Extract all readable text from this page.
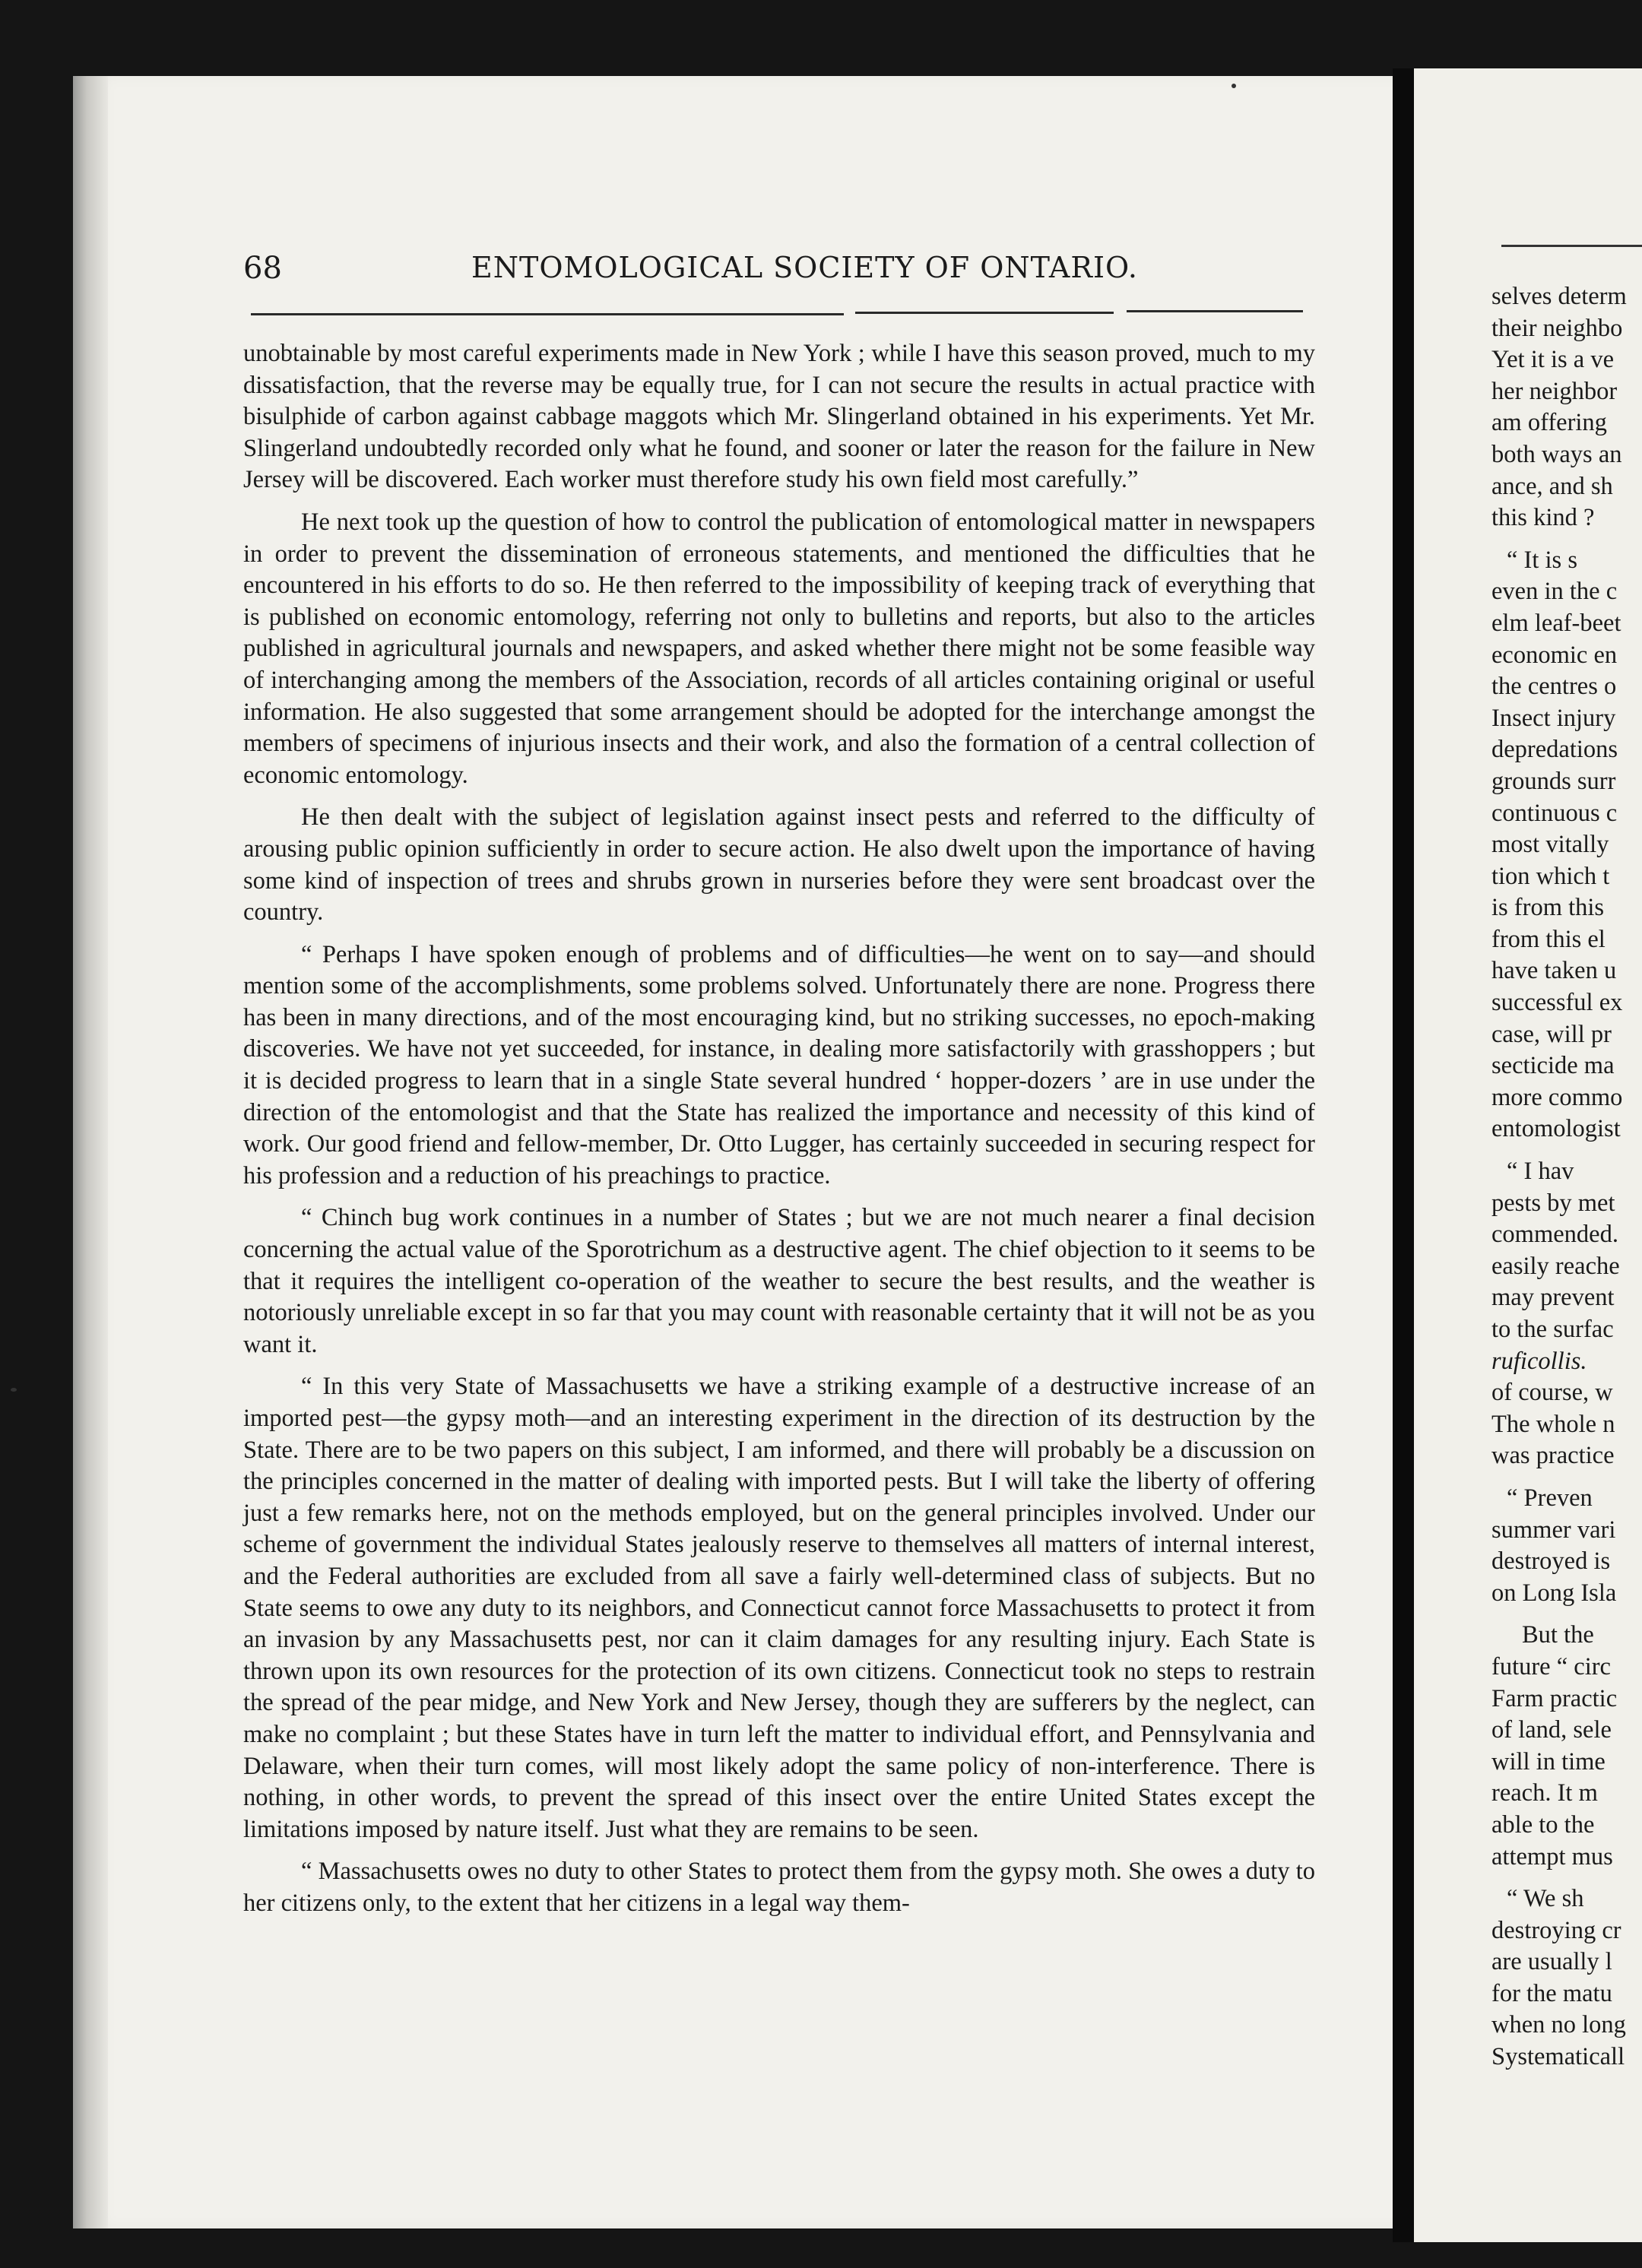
68	ENTOMOLOGICAL SOCIETY OF ONTARIO.

unobtainable by most careful experiments made in New York ; while I have this season proved, much to my dissatisfaction, that the reverse may be equally true, for I can not secure the results in actual practice with bisulphide of carbon against cabbage maggots which Mr. Slingerland obtained in his experiments. Yet Mr. Slingerland undoubtedly recorded only what he found, and sooner or later the reason for the failure in New Jersey will be discovered. Each worker must therefore study his own field most carefully.”

He next took up the question of how to control the publication of entomological matter in newspapers in order to prevent the dissemination of erroneous statements, and mentioned the difficulties that he encountered in his efforts to do so. He then referred to the impossibility of keeping track of everything that is published on economic entomology, referring not only to bulletins and reports, but also to the articles published in agricultural journals and newspapers, and asked whether there might not be some feasible way of interchanging among the members of the Association, records of all articles containing original or useful information. He also suggested that some arrangement should be adopted for the interchange amongst the members of specimens of injurious insects and their work, and also the formation of a central collection of economic entomology.

He then dealt with the subject of legislation against insect pests and referred to the difficulty of arousing public opinion sufficiently in order to secure action. He also dwelt upon the importance of having some kind of inspection of trees and shrubs grown in nurseries before they were sent broadcast over the country.

“ Perhaps I have spoken enough of problems and of difficulties—he went on to say—and should mention some of the accomplishments, some problems solved. Unfortunately there are none. Progress there has been in many directions, and of the most encouraging kind, but no striking successes, no epoch-making discoveries. We have not yet succeeded, for instance, in dealing more satisfactorily with grasshoppers ; but it is decided progress to learn that in a single State several hundred ‘ hopper-dozers ’ are in use under the direction of the entomologist and that the State has realized the importance and necessity of this kind of work. Our good friend and fellow-member, Dr. Otto Lugger, has certainly succeeded in securing respect for his profession and a reduction of his preachings to practice.

“ Chinch bug work continues in a number of States ; but we are not much nearer a final decision concerning the actual value of the Sporotrichum as a destructive agent. The chief objection to it seems to be that it requires the intelligent co-operation of the weather to secure the best results, and the weather is notoriously unreliable except in so far that you may count with reasonable certainty that it will not be as you want it.

“ In this very State of Massachusetts we have a striking example of a destructive increase of an imported pest—the gypsy moth—and an interesting experiment in the direction of its destruction by the State. There are to be two papers on this subject, I am informed, and there will probably be a discussion on the principles concerned in the matter of dealing with imported pests. But I will take the liberty of offering just a few remarks here, not on the methods employed, but on the general principles involved. Under our scheme of government the individual States jealously reserve to themselves all matters of internal interest, and the Federal authorities are excluded from all save a fairly well-determined class of subjects. But no State seems to owe any duty to its neighbors, and Connecticut cannot force Massachusetts to protect it from an invasion by any Massachusetts pest, nor can it claim damages for any resulting injury. Each State is thrown upon its own resources for the protection of its own citizens. Connecticut took no steps to restrain the spread of the pear midge, and New York and New Jersey, though they are sufferers by the neglect, can make no complaint ; but these States have in turn left the matter to individual effort, and Pennsylvania and Delaware, when their turn comes, will most likely adopt the same policy of non-interference. There is nothing, in other words, to prevent the spread of this insect over the entire United States except the limitations imposed by nature itself. Just what they are remains to be seen.

“ Massachusetts owes no duty to other States to protect them from the gypsy moth. She owes a duty to her citizens only, to the extent that her citizens in a legal way them-

selves determ
their neighbo
Yet it is a ve
her neighbor
am offering
both ways an
ance, and sh
this kind ?
“ It is s
even in the c
elm leaf-beet
economic en
the centres o
Insect injury
depredations
grounds surr
continuous c
most vitally
tion which t
is from this
from this el
have taken u
successful ex
case, will pr
secticide ma
more commo
entomologist
“ I hav
pests by met
commended.
easily reache
may prevent
to the surfac
ruficollis.
of course, w
The whole n
was practice
“ Preven
summer vari
destroyed is
on Long Isla
But the
future “ circ
Farm practic
of land, sele
will in time
reach. It m
able to the
attempt mus
“ We sh
destroying cr
are usually l
for the matu
when no long
Systematicall
